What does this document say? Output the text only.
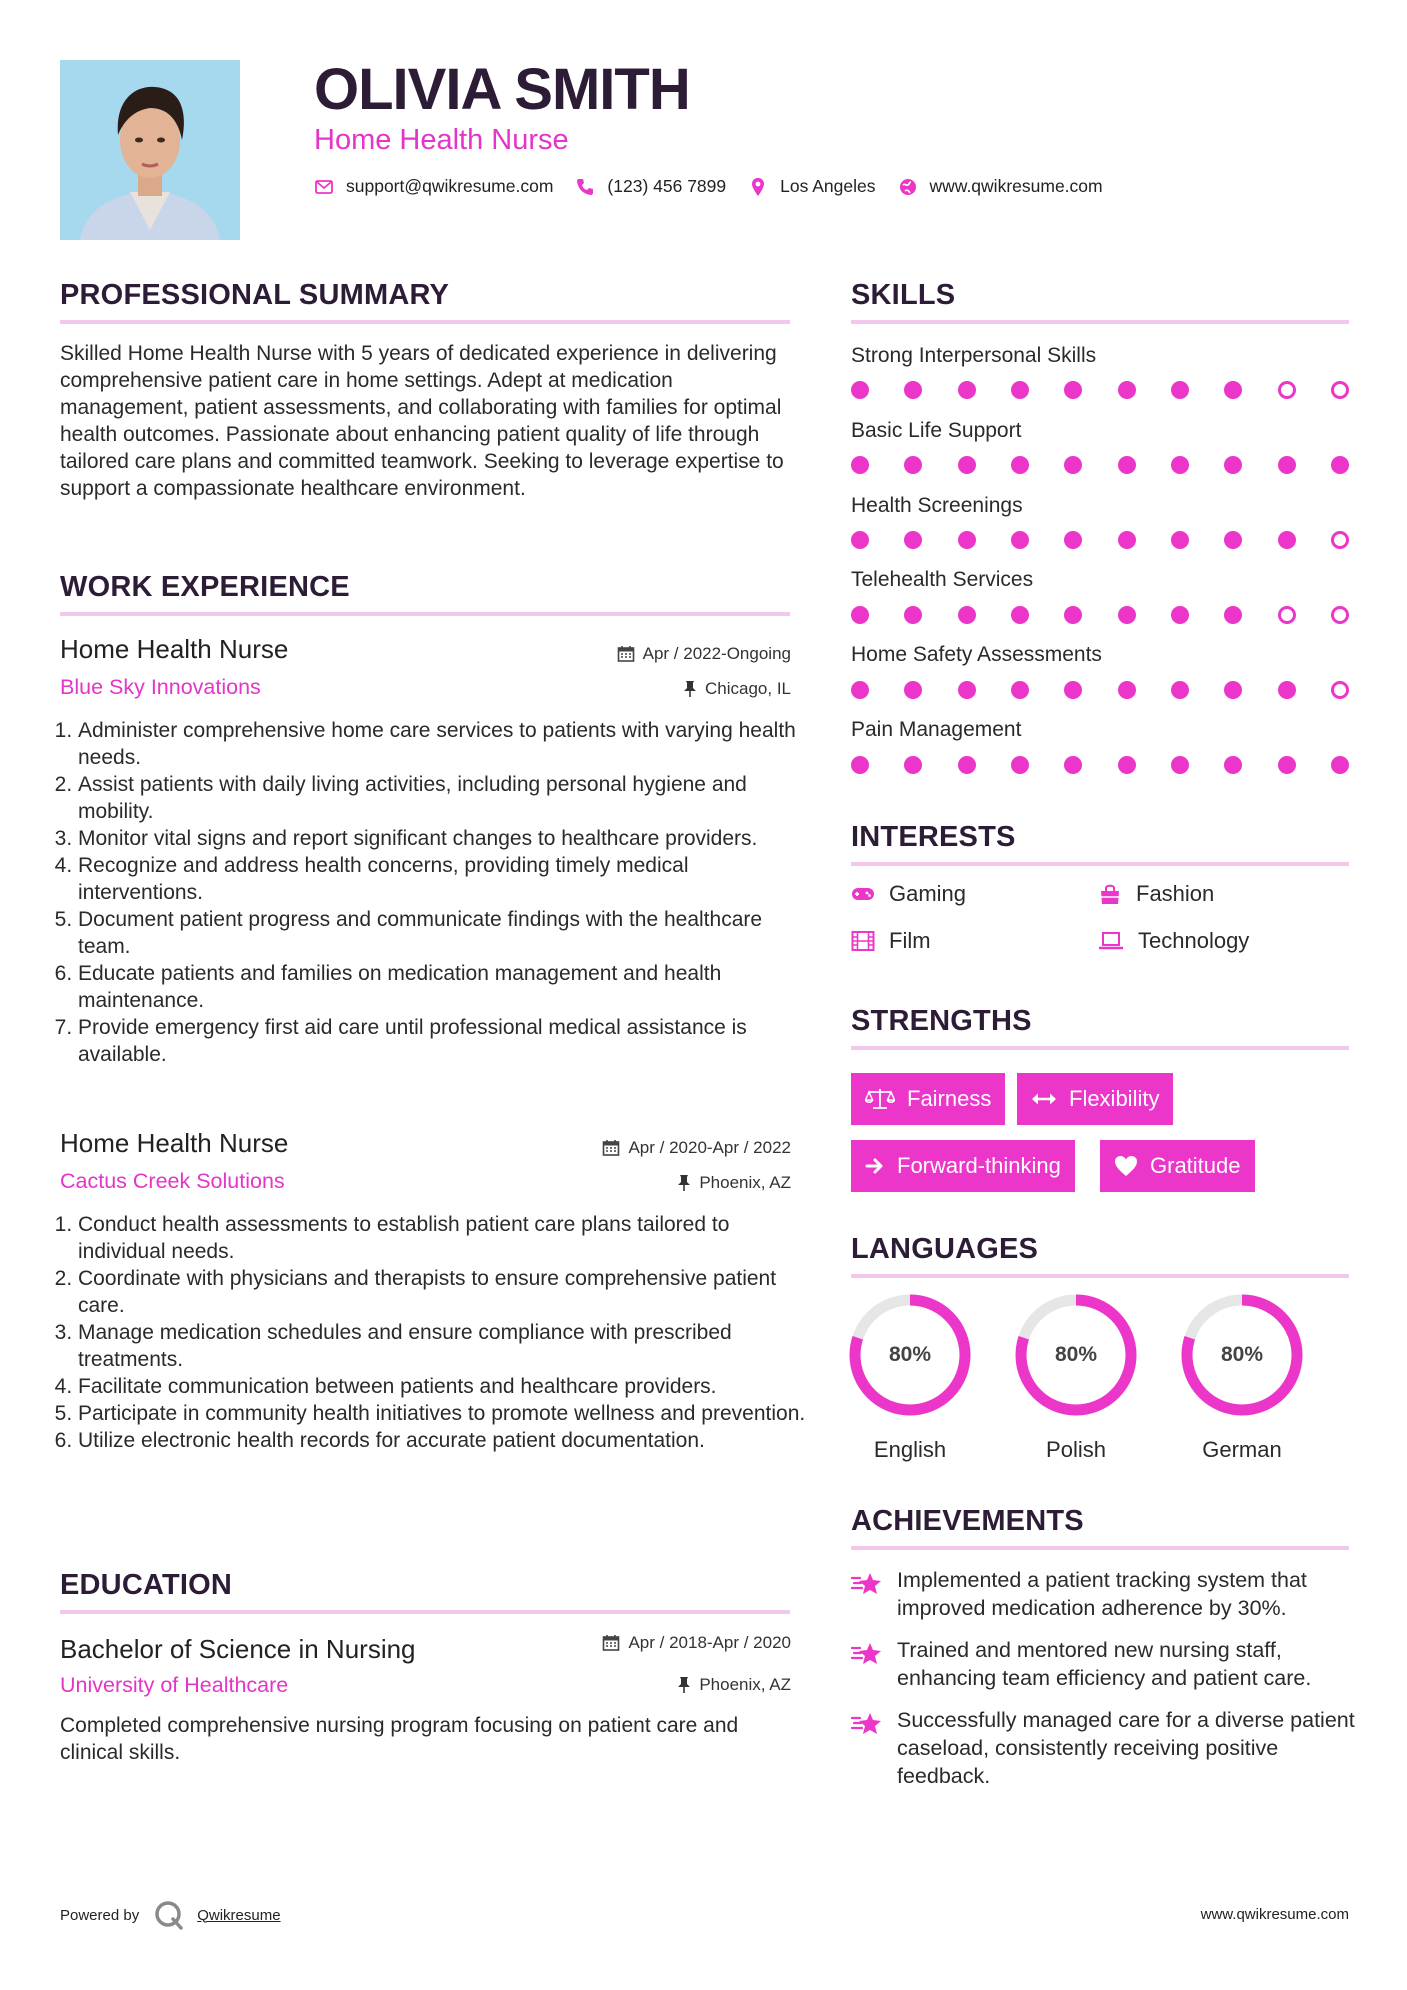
OLIVIA SMITH
Home Health Nurse
support@qwikresume.com	(123) 456 7899	Los Angeles	www.qwikresume.com
PROFESSIONAL SUMMARY

Skilled Home Health Nurse with 5 years of dedicated experience in delivering comprehensive patient care in home settings. Adept at medication management, patient assessments, and collaborating with families for optimal health outcomes. Passionate about enhancing patient quality of life through tailored care plans and committed teamwork. Seeking to leverage expertise to support a compassionate healthcare environment.

WORK EXPERIENCE
Home Health Nurse	Apr / 2022-Ongoing
Blue Sky Innovations	Chicago, IL
1. Administer comprehensive home care services to patients with varying health needs.
2. Assist patients with daily living activities, including personal hygiene and mobility.
3. Monitor vital signs and report significant changes to healthcare providers.
4. Recognize and address health concerns, providing timely medical interventions.
5. Document patient progress and communicate findings with the healthcare team.
6. Educate patients and families on medication management and health maintenance.
7. Provide emergency first aid care until professional medical assistance is available.
Home Health Nurse	Apr / 2020-Apr / 2022
Cactus Creek Solutions	Phoenix, AZ
1. Conduct health assessments to establish patient care plans tailored to individual needs.
2. Coordinate with physicians and therapists to ensure comprehensive patient care.
3. Manage medication schedules and ensure compliance with prescribed treatments.
4. Facilitate communication between patients and healthcare providers.
5. Participate in community health initiatives to promote wellness and prevention.
6. Utilize electronic health records for accurate patient documentation.
EDUCATION
Bachelor of Science in Nursing	Apr / 2018-Apr / 2020
University of Healthcare	Phoenix, AZ

Completed comprehensive nursing program focusing on patient care and clinical skills.

SKILLS
Strong Interpersonal Skills
Basic Life Support
Health Screenings
Telehealth Services
Home Safety Assessments
Pain Management
INTERESTS
Gaming	Fashion
Film	Technology
STRENGTHS
Fairness	Flexibility
Forward-thinking	Gratitude
LANGUAGES
80%
English
80%
Polish
80%
German
ACHIEVEMENTS
Implemented a patient tracking system that improved medication adherence by 30%.
Trained and mentored new nursing staff, enhancing team efficiency and patient care.
Successfully managed care for a diverse patient caseload, consistently receiving positive feedback.
Powered by	Qwikresume	www.qwikresume.com
